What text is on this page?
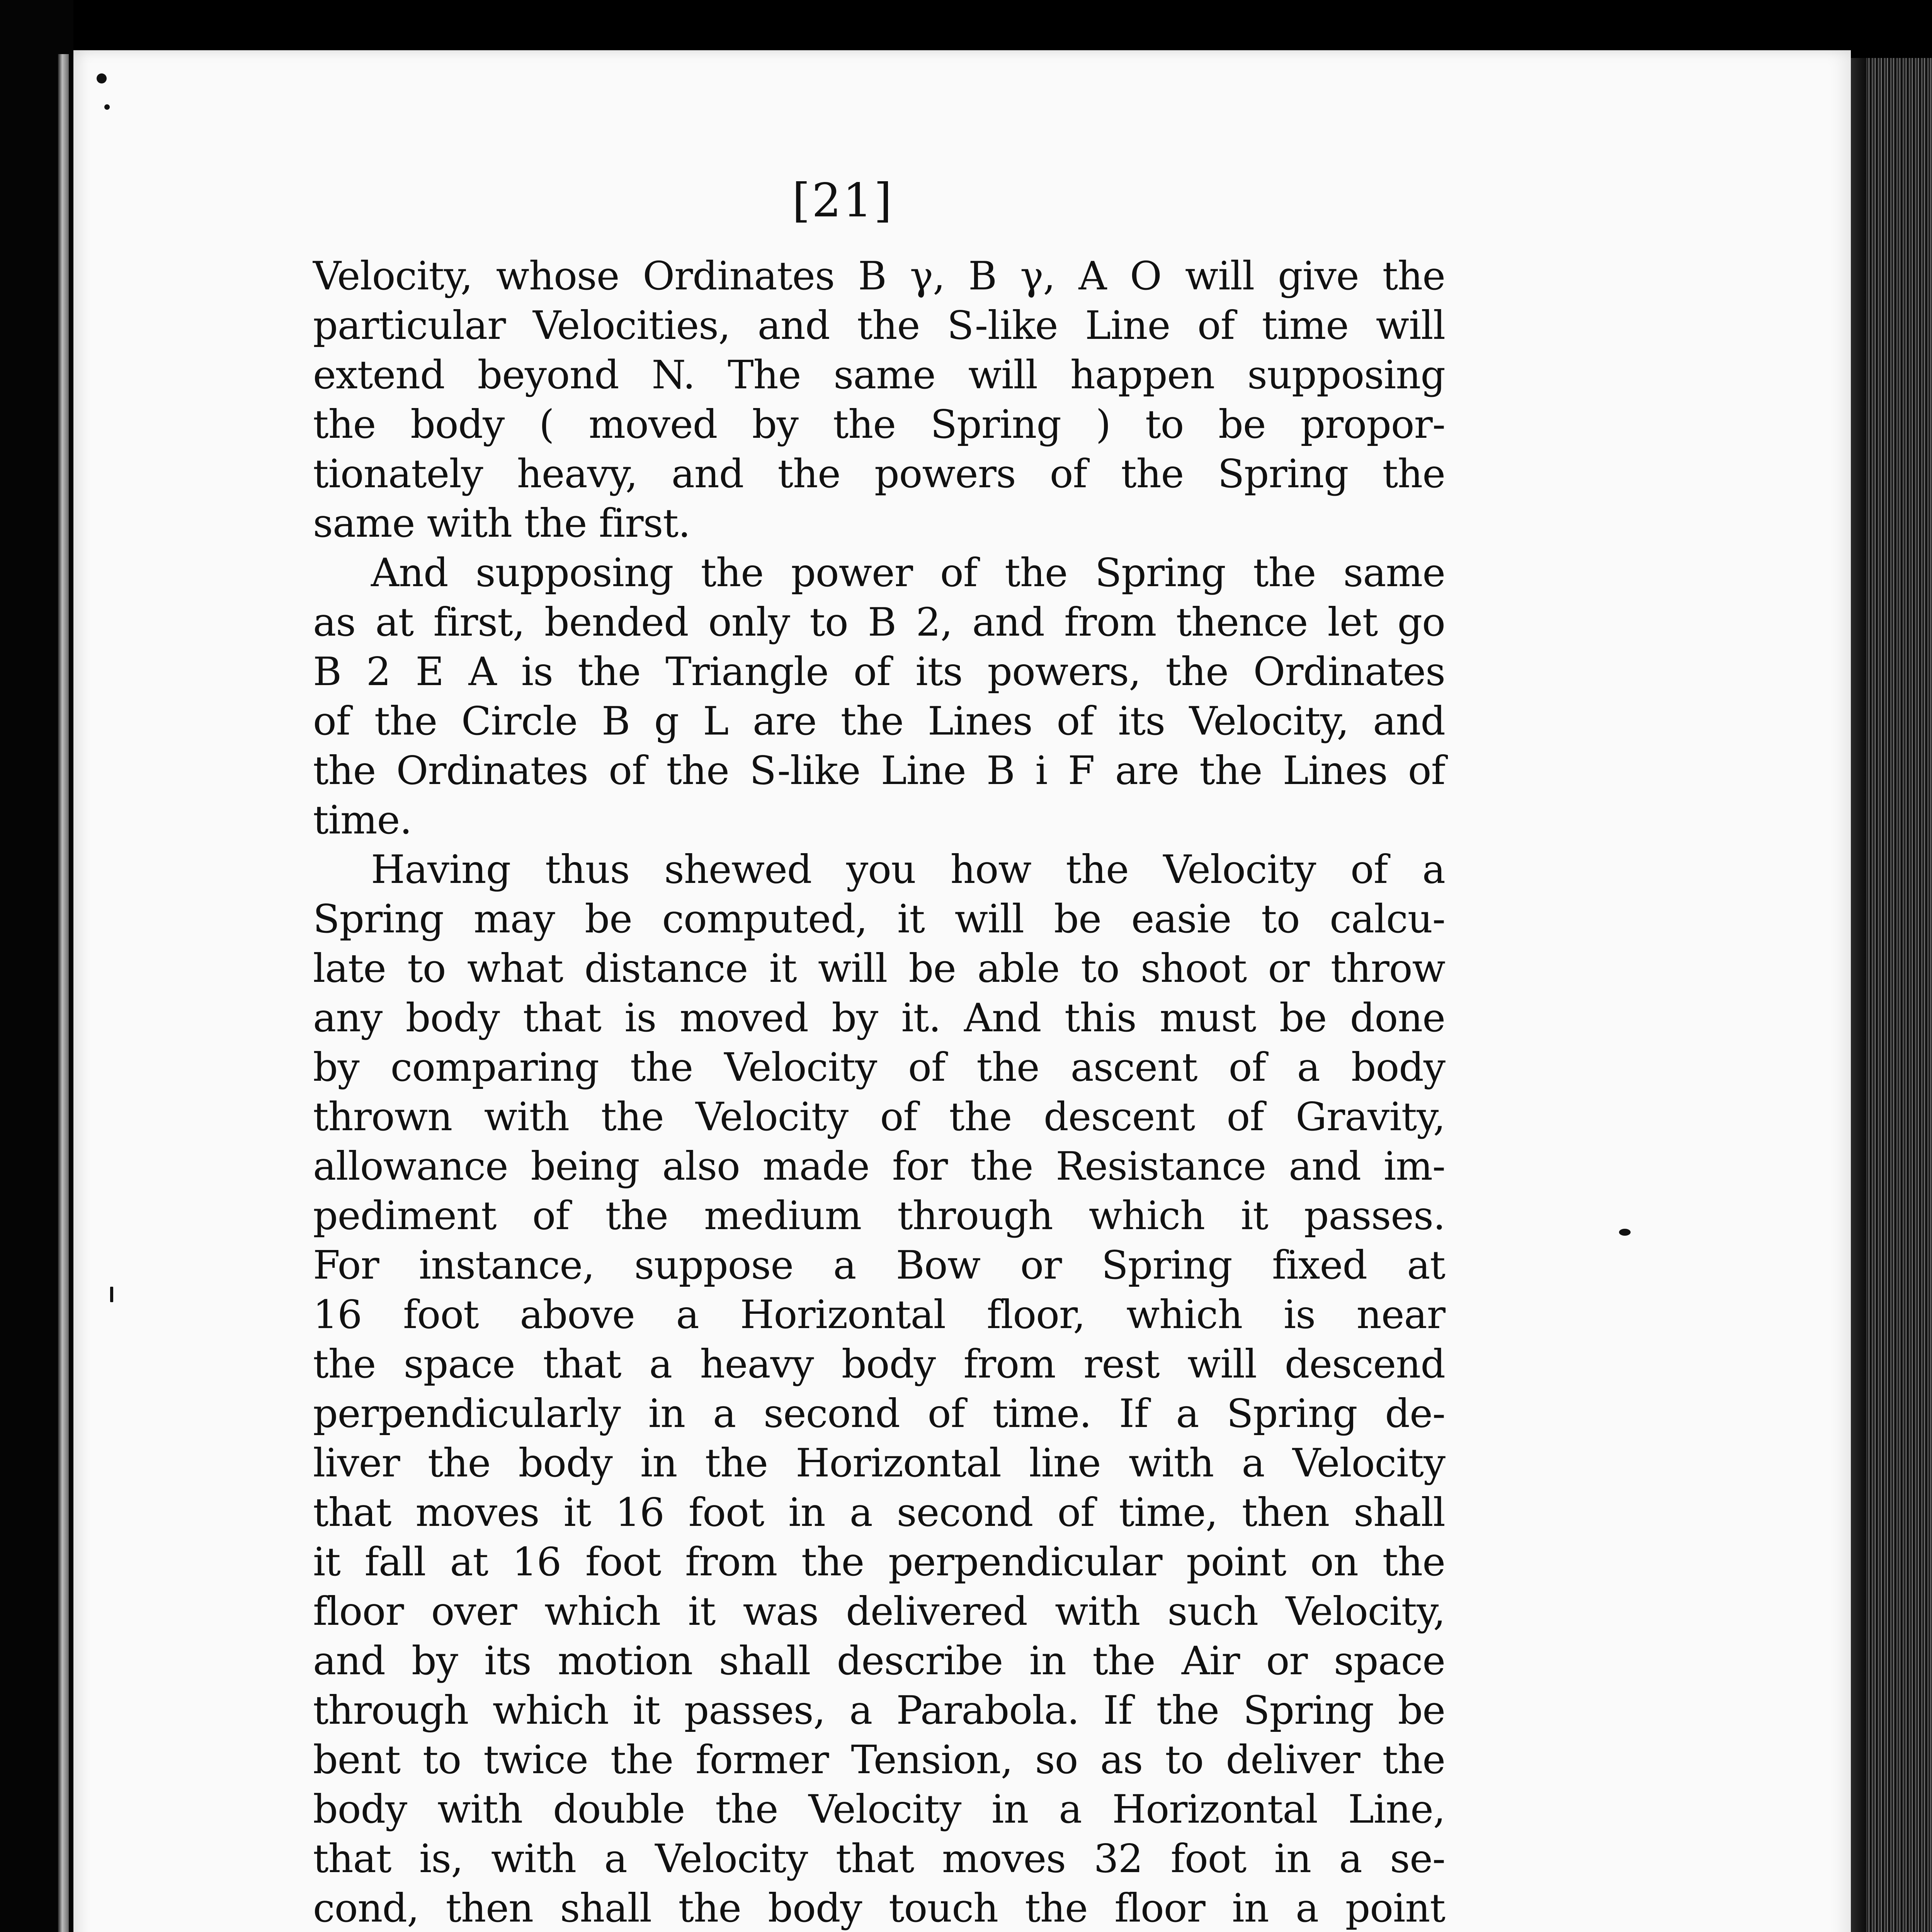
[21]
Velocity, whose Ordinates B γ, B γ, A O will give the
particular Velocities, and the S-like Line of time will
extend beyond N. The same will happen supposing
the body ( moved by the Spring ) to be propor-
tionately heavy, and the powers of the Spring the
same with the first.
And supposing the power of the Spring the same
as at first, bended only to B 2, and from thence let go
B 2 E A is the Triangle of its powers, the Ordinates
of the Circle B g L are the Lines of its Velocity, and
the Ordinates of the S-like Line B i F are the Lines of
time.
Having thus shewed you how the Velocity of a
Spring may be computed, it will be easie to calcu-
late to what distance it will be able to shoot or throw
any body that is moved by it. And this must be done
by comparing the Velocity of the ascent of a body
thrown with the Velocity of the descent of Gravity,
allowance being also made for the Resistance and im-
pediment of the medium through which it passes.
For instance, suppose a Bow or Spring fixed at
16 foot above a Horizontal floor, which is near
the space that a heavy body from rest will descend
perpendicularly in a second of time. If a Spring de-
liver the body in the Horizontal line with a Velocity
that moves it 16 foot in a second of time, then shall
it fall at 16 foot from the perpendicular point on the
floor over which it was delivered with such Velocity,
and by its motion shall describe in the Air or space
through which it passes, a Parabola. If the Spring be
bent to twice the former Tension, so as to deliver the
body with double the Velocity in a Horizontal Line,
that is, with a Velocity that moves 32 foot in a se-
cond, then shall the body touch the floor in a point
